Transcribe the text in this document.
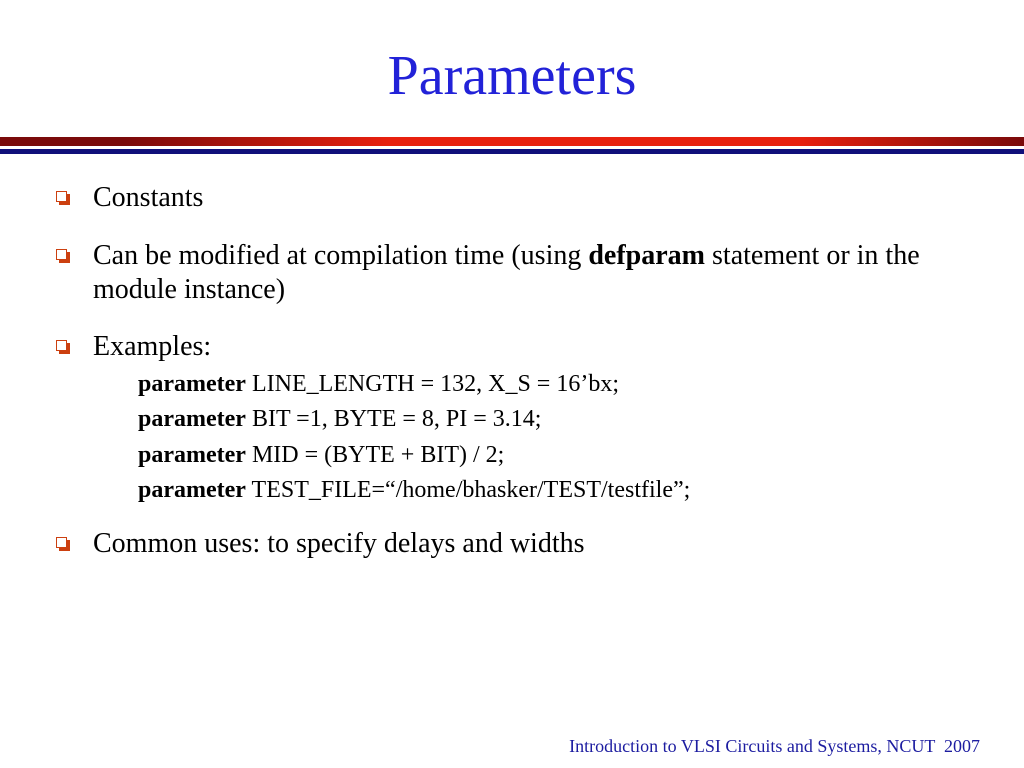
Parameters
Constants
Can be modified at compilation time (using defparam statement or in the
module instance)
Examples:
parameter LINE_LENGTH = 132, X_S = 16’bx;
parameter BIT =1, BYTE = 8, PI = 3.14;
parameter MID = (BYTE + BIT) / 2;
parameter TEST_FILE=“/home/bhasker/TEST/testfile”;
Common uses: to specify delays and widths
Introduction to VLSI Circuits and Systems, NCUT  2007
